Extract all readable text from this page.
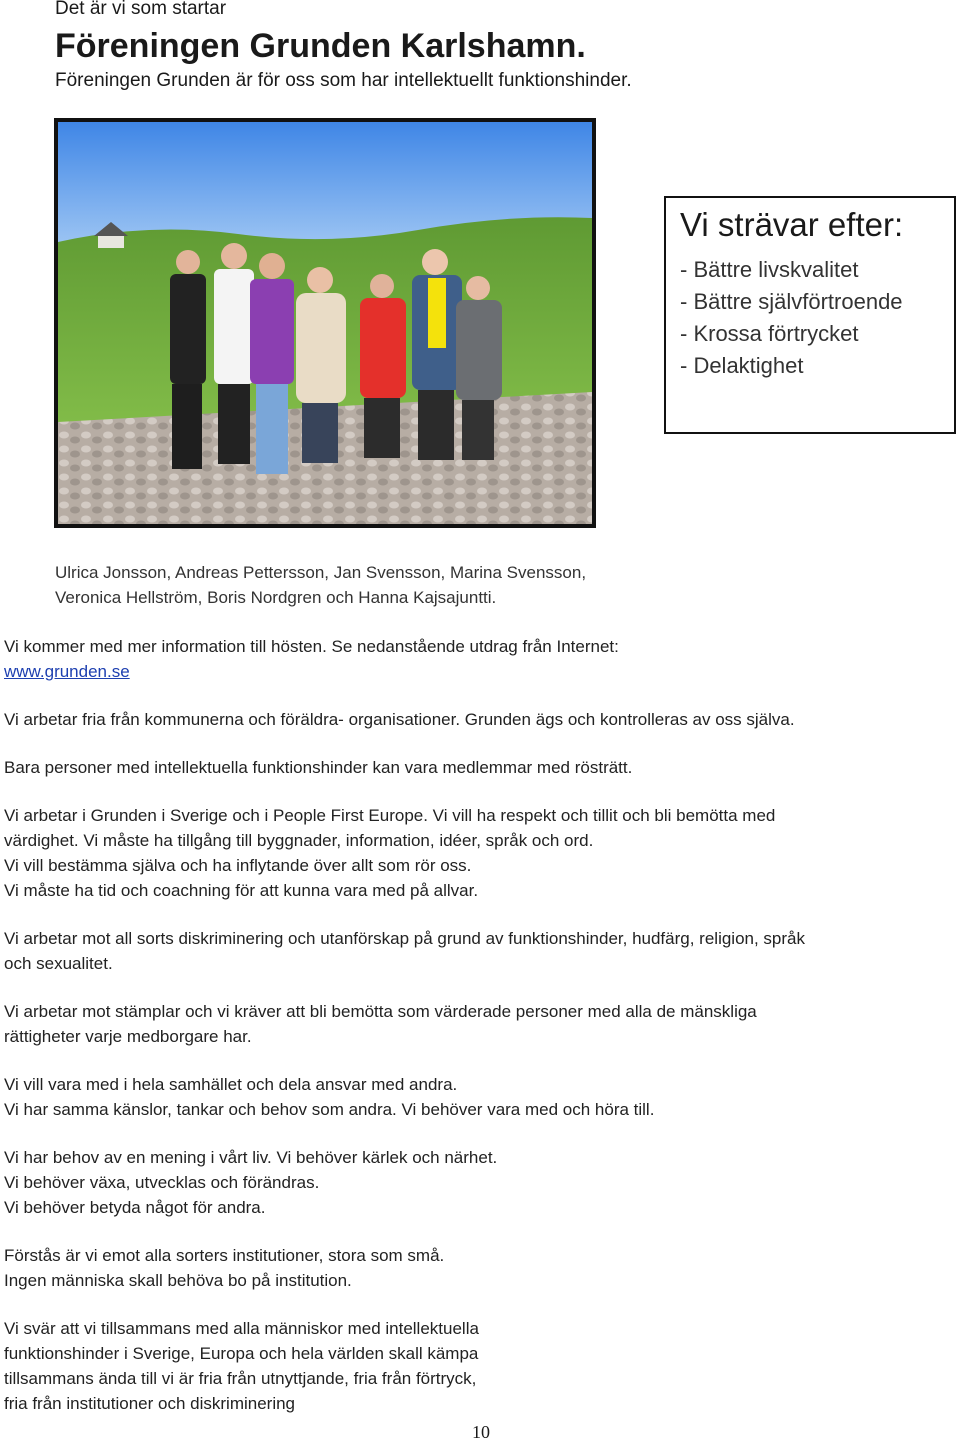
Det är vi som startar
Föreningen Grunden Karlshamn.
Föreningen Grunden är för oss som har intellektuellt funktionshinder.
Vi strävar efter:
- Bättre livskvalitet
- Bättre självförtroende
- Krossa förtrycket
- Delaktighet
Ulrica Jonsson, Andreas Pettersson, Jan Svensson, Marina Svensson,
Veronica Hellström, Boris Nordgren och Hanna Kajsajuntti.

Vi kommer med mer information till hösten. Se nedanstående utdrag från Internet:
www.grunden.se

Vi arbetar fria från kommunerna och föräldra- organisationer. Grunden ägs och kontrolleras av oss själva.

Bara personer med intellektuella funktionshinder kan vara medlemmar med rösträtt.

Vi arbetar i Grunden i Sverige och i People First Europe. Vi vill ha respekt och tillit och bli bemötta med
värdighet. Vi måste ha tillgång till byggnader, information, idéer, språk och ord.
Vi vill bestämma själva och ha inflytande över allt som rör oss.
Vi måste ha tid och coachning för att kunna vara med på allvar.

Vi arbetar mot all sorts diskriminering och utanförskap på grund av funktionshinder, hudfärg, religion, språk
och sexualitet.

Vi arbetar mot stämplar och vi kräver att bli bemötta som värderade personer med alla de mänskliga
rättigheter varje medborgare har.

Vi vill vara med i hela samhället och dela ansvar med andra.
Vi har samma känslor, tankar och behov som andra. Vi behöver vara med och höra till.

Vi har behov av en mening i vårt liv. Vi behöver kärlek och närhet.
Vi behöver växa, utvecklas och förändras.
Vi behöver betyda något för andra.

Förstås är vi emot alla sorters institutioner, stora som små.
Ingen människa skall behöva bo på institution.

Vi svär att vi tillsammans med alla människor med intellektuella
funktionshinder i Sverige, Europa och hela världen skall kämpa
tillsammans ända till vi är fria från utnyttjande, fria från förtryck,
fria från institutioner och diskriminering

10
